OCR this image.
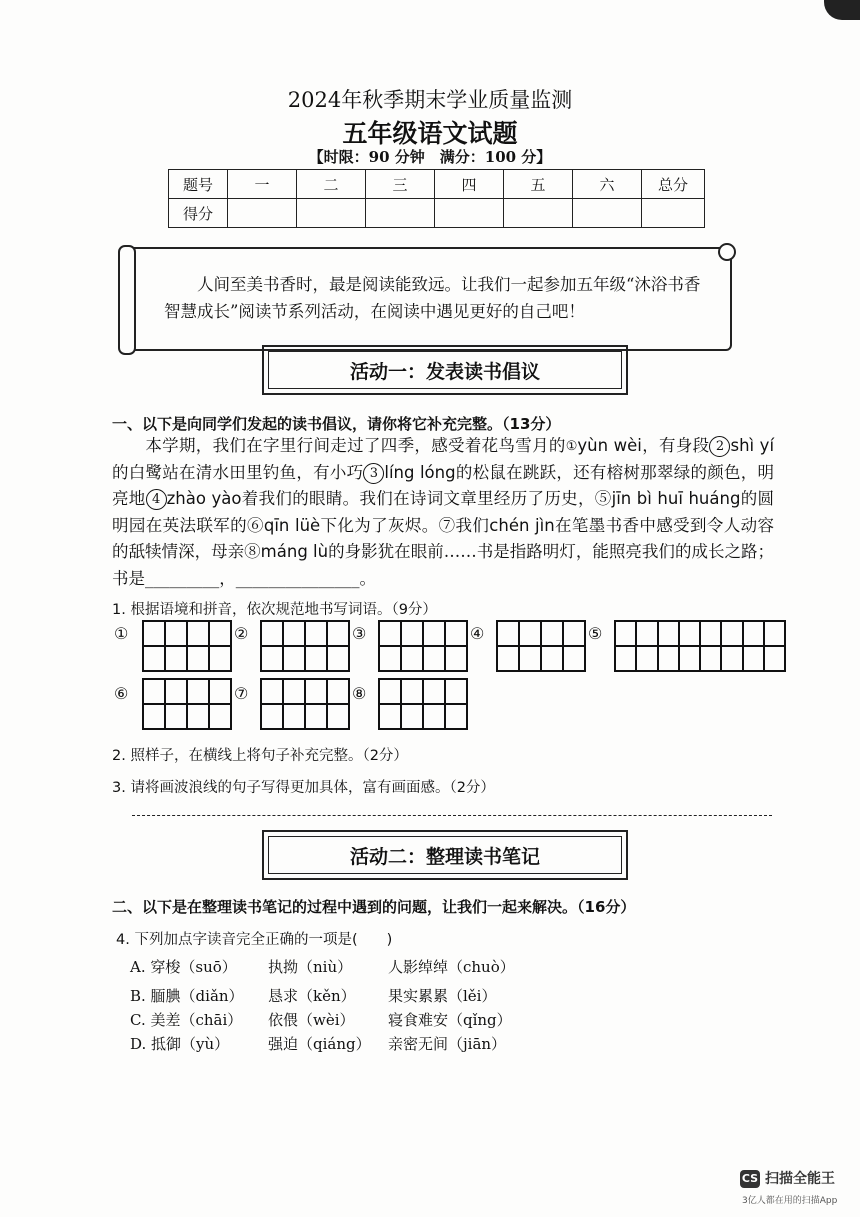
2024年秋季期末学业质量监测
五年级语文试题
【时限：90 分钟　满分：100 分】
题号	一	二	三	四	五	六	总分
得分							

人间至美书香时，最是阅读能致远。让我们一起参加五年级“沐浴书香 智慧成长”阅读节系列活动，在阅读中遇见更好的自己吧！

活动一：发表读书倡议
一、以下是向同学们发起的读书倡议，请你将它补充完整。（13分）

本学期，我们在字里行间走过了四季，感受着花鸟雪月的①yùn wèi，有身段 2 shì yí的白鹭站在清水田里钓鱼，有小巧 3 líng lóng的松鼠在跳跃，还有榕树那翠绿的颜色，明亮地 4 zhào yào着我们的眼睛。我们在诗词文章里经历了历史，⑤jīn bì huī huáng的圆明园在英法联军的⑥qīn lüè下化为了灰烬。⑦我们chén jìn在笔墨书香中感受到令人动容的舐犊情深，母亲⑧máng lù的身影犹在眼前……书是指路明灯，能照亮我们的成长之路；书是_________，_______________。

1. 根据语境和拼音，依次规范地书写词语。（9分）
①	②	③	④	⑤
⑥	⑦	⑧
2. 照样子，在横线上将句子补充完整。（2分）
3. 请将画波浪线的句子写得更加具体，富有画面感。（2分）
活动二：整理读书笔记
二、以下是在整理读书笔记的过程中遇到的问题，让我们一起来解决。（16分）
4. 下列加点字读音完全正确的一项是(　　)
A. 穿梭（suō） 执拗（niù） 人影绰绰（chuò）
B. 腼腆（diǎn） 恳求（kěn） 果实累累（lěi）
C. 美差（chāi） 依偎（wèi） 寝食难安（qǐng）
D. 抵御（yù）	强迫（qiáng） 亲密无间（jiān）
CS 扫描全能王
3亿人都在用的扫描App
